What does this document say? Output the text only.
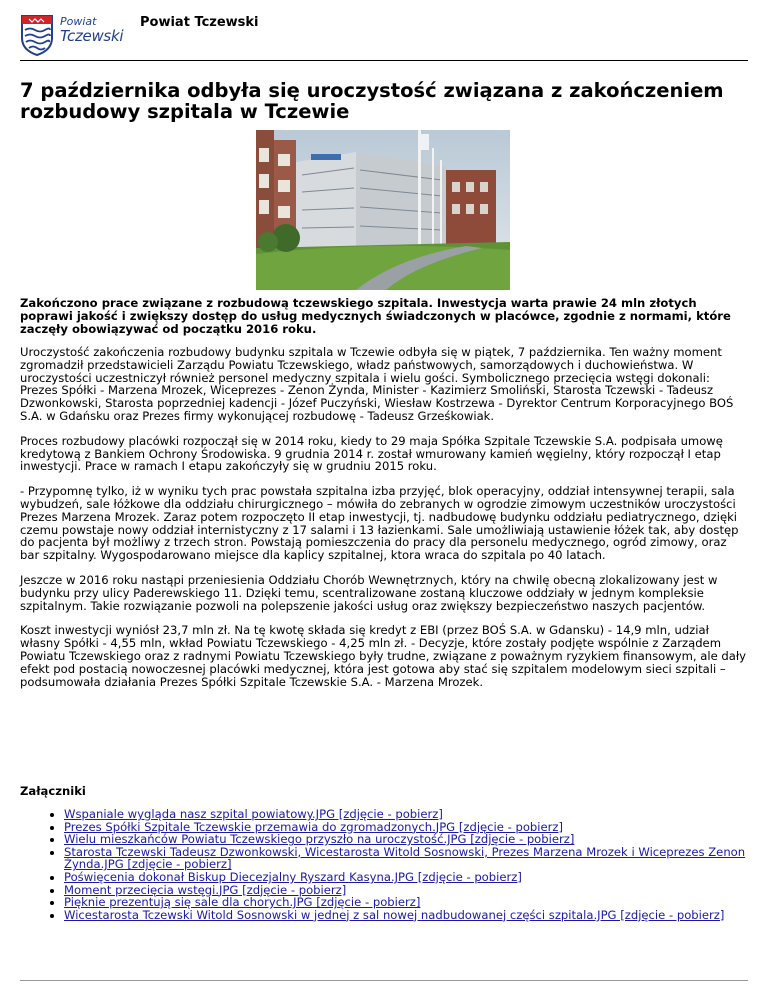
Powiat
Tczewski
Powiat Tczewski
7 października odbyła się uroczystość związana z zakończeniem rozbudowy szpitala w Tczewie

Zakończono prace związane z rozbudową tczewskiego szpitala. Inwestycja warta prawie 24 mln złotych poprawi jakość i zwiększy dostęp do usług medycznych świadczonych w placówce, zgodnie z normami, które zaczęły obowiązywać od początku 2016 roku.

Uroczystość zakończenia rozbudowy budynku szpitala w Tczewie odbyła się w piątek, 7 października. Ten ważny moment zgromadził przedstawicieli Zarządu Powiatu Tczewskiego, władz państwowych, samorządowych i duchowieństwa. W uroczystości uczestniczył również personel medyczny szpitala i wielu gości. Symbolicznego przecięcia wstęgi dokonali: Prezes Spółki - Marzena Mrozek, Wiceprezes - Zenon Żynda, Minister - Kazimierz Smoliński, Starosta Tczewski - Tadeusz Dzwonkowski, Starosta poprzedniej kadencji - Józef Puczyński, Wiesław Kostrzewa - Dyrektor Centrum Korporacyjnego BOŚ S.A. w Gdańsku oraz Prezes firmy wykonującej rozbudowę - Tadeusz Grześkowiak.

Proces rozbudowy placówki rozpoczął się w 2014 roku, kiedy to 29 maja Spółka Szpitale Tczewskie S.A. podpisała umowę kredytową z Bankiem Ochrony Środowiska. 9 grudnia 2014 r. został wmurowany kamień węgielny, który rozpoczął I etap inwestycji. Prace w ramach I etapu zakończyły się w grudniu 2015 roku.

- Przypomnę tylko, iż w wyniku tych prac powstała szpitalna izba przyjęć, blok operacyjny, oddział intensywnej terapii, sala wybudzeń, sale łóżkowe dla oddziału chirurgicznego – mówiła do zebranych w ogrodzie zimowym uczestników uroczystości Prezes Marzena Mrozek. Zaraz potem rozpoczęto II etap inwestycji, tj. nadbudowę budynku oddziału pediatrycznego, dzięki czemu powstaje nowy oddział internistyczny z 17 salami i 13 łazienkami. Sale umożliwiają ustawienie łóżek tak, aby dostęp do pacjenta był możliwy z trzech stron. Powstają pomieszczenia do pracy dla personelu medycznego, ogród zimowy, oraz bar szpitalny. Wygospodarowano miejsce dla kaplicy szpitalnej, ktora wraca do szpitala po 40 latach.

Jeszcze w 2016 roku nastąpi przeniesienia Oddziału Chorób Wewnętrznych, który na chwilę obecną zlokalizowany jest w budynku przy ulicy Paderewskiego 11. Dzięki temu, scentralizowane zostaną kluczowe oddziały w jednym kompleksie szpitalnym. Takie rozwiązanie pozwoli na polepszenie jakości usług oraz zwiększy bezpieczeństwo naszych pacjentów.

Koszt inwestycji wyniósł 23,7 mln zł. Na tę kwotę składa się kredyt z EBI (przez BOŚ S.A. w Gdansku) - 14,9 mln, udział własny Spółki - 4,55 mln, wkład Powiatu Tczewskiego - 4,25 mln zł. - Decyzje, które zostały podjęte wspólnie z Zarządem Powiatu Tczewskiego oraz z radnymi Powiatu Tczewskiego były trudne, związane z poważnym ryzykiem finansowym, ale dały efekt pod postacią nowoczesnej placówki medycznej, która jest gotowa aby stać się szpitalem modelowym sieci szpitali – podsumowała działania Prezes Spółki Szpitale Tczewskie S.A. - Marzena Mrozek.

Załączniki
• Wspaniale wygląda nasz szpital powiatowy.JPG [zdjęcie - pobierz]
• Prezes Spółki Szpitale Tczewskie przemawia do zgromadzonych.JPG [zdjęcie - pobierz]
• Wielu mieszkańców Powiatu Tczewskiego przyszło na uroczystość.JPG [zdjęcie - pobierz]
• Starosta Tczewski Tadeusz Dzwonkowski, Wicestarosta Witold Sosnowski, Prezes Marzena Mrozek i Wiceprezes Zenon Żynda.JPG [zdjęcie - pobierz]
• Poświęcenia dokonał Biskup Diecezjalny Ryszard Kasyna.JPG [zdjęcie - pobierz]
• Moment przecięcia wstęgi.JPG [zdjęcie - pobierz]
• Pięknie prezentują się sale dla chorych.JPG [zdjęcie - pobierz]
• Wicestarosta Tczewski Witold Sosnowski w jednej z sal nowej nadbudowanej części szpitala.JPG [zdjęcie - pobierz]
